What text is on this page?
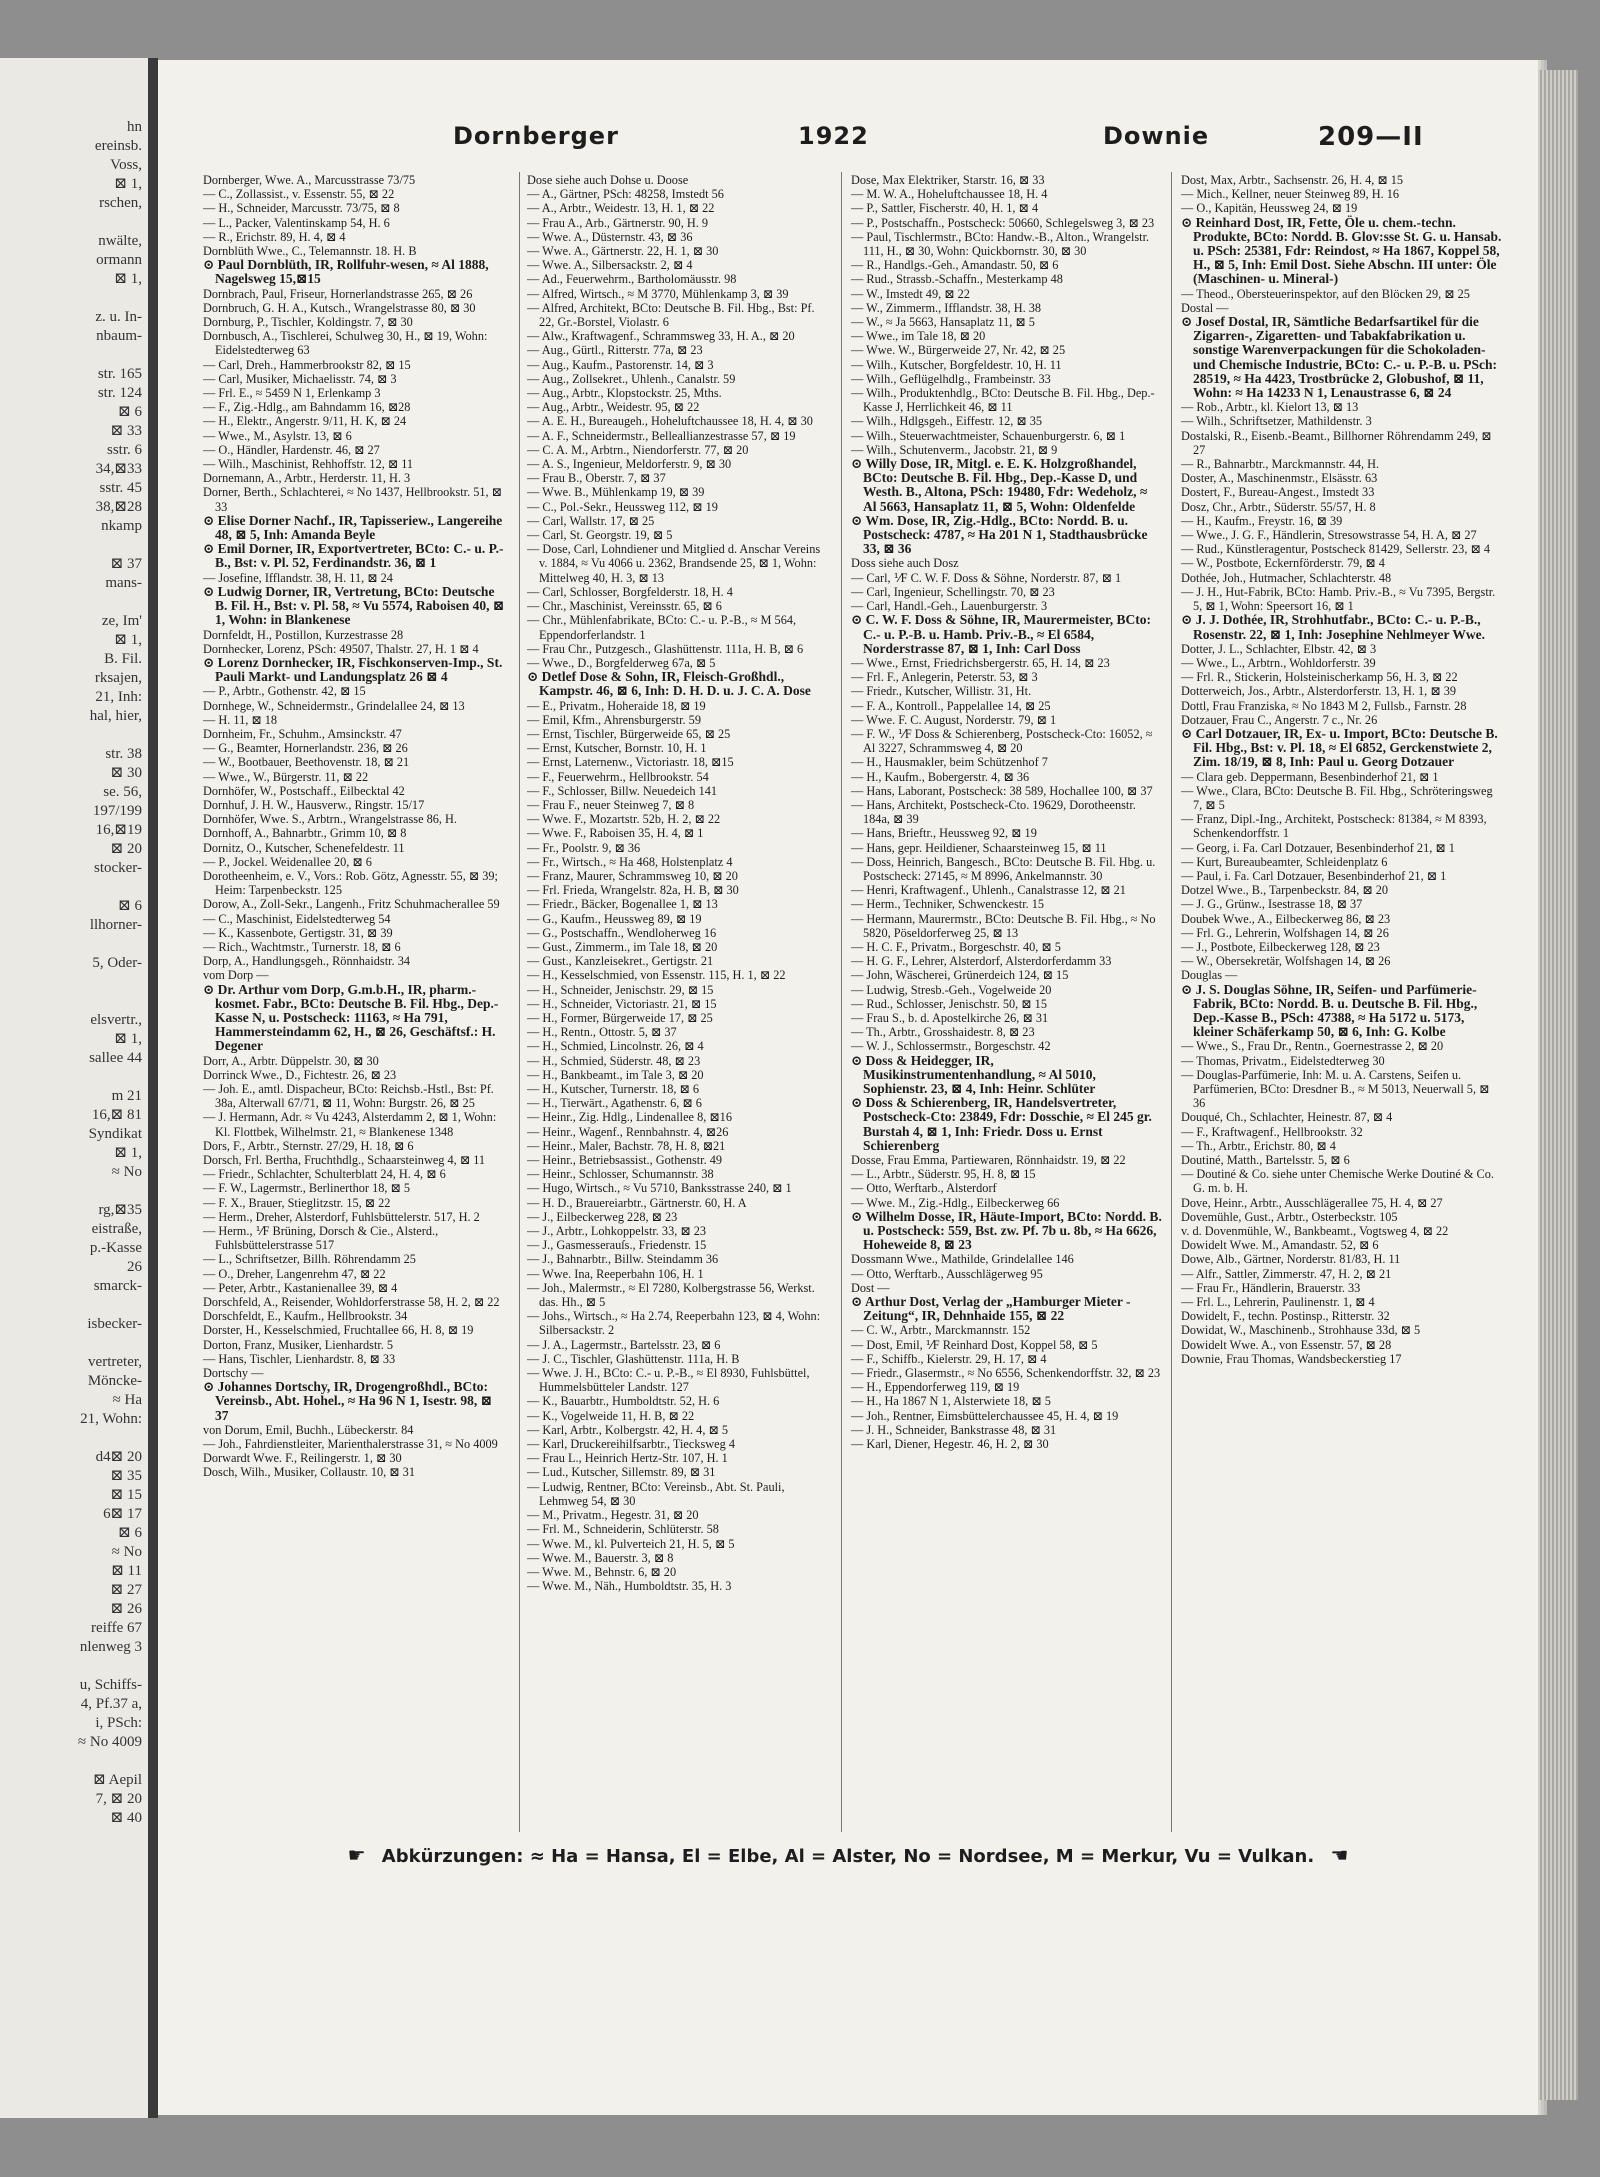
hn
ereinsb.
Voss,
⊠ 1,
rschen,
nwälte,
ormann
⊠ 1,
z. u. In-
nbaum-
str. 165
str. 124
⊠ 6
⊠ 33
sstr. 6
34,⊠33
sstr. 45
38,⊠28
nkamp
⊠ 37
mans-
ze, Im'
⊠ 1,
B. Fil.
rksajen,
21, Inh:
hal, hier,
str. 38
⊠ 30
se. 56,
197/199
16,⊠19
⊠ 20
stocker-
⊠ 6
llhorner-
5, Oder-
elsvertr.,
⊠ 1,
sallee 44
m 21
16,⊠ 81
Syndikat
⊠ 1,
≈ No
rg,⊠35
eistraße,
p.-Kasse
26
smarck-
isbecker-
vertreter,
Möncke-
≈ Ha
21, Wohn:
d4⊠ 20
⊠ 35
⊠ 15
6⊠ 17
⊠ 6
≈ No
⊠ 11
⊠ 27
⊠ 26
reiffe 67
nlenweg 3
u, Schiffs-
4, Pf.37 a,
i, PSch:
≈ No 4009
⊠ Aepil
7, ⊠ 20
⊠ 40
Dornberger	1922	Downie	209—II

Dornberger, Wwe. A., Marcusstrasse 73/75

— C., Zollassist., v. Essenstr. 55, ⊠ 22

— H., Schneider, Marcusstr. 73/75, ⊠ 8

— L., Packer, Valentinskamp 54, H. 6

— R., Erichstr. 89, H. 4, ⊠ 4

Dornblüth Wwe., C., Telemannstr. 18. H. B

⊙ Paul Dornblüth, IR, Rollfuhr-wesen, ≈ Al 1888, Nagelsweg 15,⊠15

Dornbrach, Paul, Friseur, Hornerlandstrasse 265, ⊠ 26

Dornbruch, G. H. A., Kutsch., Wrangelstrasse 80, ⊠ 30

Dornburg, P., Tischler, Koldingstr. 7, ⊠ 30

Dornbusch, A., Tischlerei, Schulweg 30, H., ⊠ 19, Wohn: Eidelstedterweg 63

— Carl, Dreh., Hammerbrookstr 82, ⊠ 15

— Carl, Musiker, Michaelisstr. 74, ⊠ 3

— Frl. E., ≈ 5459 N 1, Erlenkamp 3

— F., Zig.-Hdlg., am Bahndamm 16, ⊠28

— H., Elektr., Angerstr. 9/11, H. K, ⊠ 24

— Wwe., M., Asylstr. 13, ⊠ 6

— O., Händler, Hardenstr. 46, ⊠ 27

— Wilh., Maschinist, Rehhoffstr. 12, ⊠ 11

Dornemann, A., Arbtr., Herderstr. 11, H. 3

Dorner, Berth., Schlachterei, ≈ No 1437, Hellbrookstr. 51, ⊠ 33

⊙ Elise Dorner Nachf., IR, Tapisseriew., Langereihe 48, ⊠ 5, Inh: Amanda Beyle

⊙ Emil Dorner, IR, Exportvertreter, BCto: C.- u. P.-B., Bst: v. Pl. 52, Ferdinandstr. 36, ⊠ 1

— Josefine, Ifflandstr. 38, H. 11, ⊠ 24

⊙ Ludwig Dorner, IR, Vertretung, BCto: Deutsche B. Fil. H., Bst: v. Pl. 58, ≈ Vu 5574, Raboisen 40, ⊠ 1, Wohn: in Blankenese

Dornfeldt, H., Postillon, Kurzestrasse 28

Dornhecker, Lorenz, PSch: 49507, Thalstr. 27, H. 1 ⊠ 4

⊙ Lorenz Dornhecker, IR, Fischkonserven-Imp., St. Pauli Markt- und Landungsplatz 26 ⊠ 4

— P., Arbtr., Gothenstr. 42, ⊠ 15

Dornhege, W., Schneidermstr., Grindelallee 24, ⊠ 13

— H. 11, ⊠ 18

Dornheim, Fr., Schuhm., Amsinckstr. 47

— G., Beamter, Hornerlandstr. 236, ⊠ 26

— W., Bootbauer, Beethovenstr. 18, ⊠ 21

— Wwe., W., Bürgerstr. 11, ⊠ 22

Dornhöfer, W., Postschaff., Eilbecktal 42

Dornhuf, J. H. W., Hausverw., Ringstr. 15/17

Dornhöfer, Wwe. S., Arbtrn., Wrangelstrasse 86, H.

Dornhoff, A., Bahnarbtr., Grimm 10, ⊠ 8

Dornitz, O., Kutscher, Schenefeldestr. 11

— P., Jockel. Weidenallee 20, ⊠ 6

Dorotheenheim, e. V., Vors.: Rob. Götz, Agnesstr. 55, ⊠ 39; Heim: Tarpenbeckstr. 125

Dorow, A., Zoll-Sekr., Langenh., Fritz Schuhmacherallee 59

— C., Maschinist, Eidelstedterweg 54

— K., Kassenbote, Gertigstr. 31, ⊠ 39

— Rich., Wachtmstr., Turnerstr. 18, ⊠ 6

Dorp, A., Handlungsgeh., Rönnhaidstr. 34

vom Dorp —

⊙ Dr. Arthur vom Dorp, G.m.b.H., IR, pharm.-kosmet. Fabr., BCto: Deutsche B. Fil. Hbg., Dep.-Kasse N, u. Postscheck: 11163, ≈ Ha 791, Hammersteindamm 62, H., ⊠ 26, Geschäftsf.: H. Degener

Dorr, A., Arbtr. Düppelstr. 30, ⊠ 30

Dorrinck Wwe., D., Fichtestr. 26, ⊠ 23

— Joh. E., amtl. Dispacheur, BCto: Reichsb.-Hstl., Bst: Pf. 38a, Alterwall 67/71, ⊠ 11, Wohn: Burgstr. 26, ⊠ 25

— J. Hermann, Adr. ≈ Vu 4243, Alsterdamm 2, ⊠ 1, Wohn: Kl. Flottbek, Wilhelmstr. 21, ≈ Blankenese 1348

Dors, F., Arbtr., Sternstr. 27/29, H. 18, ⊠ 6

Dorsch, Frl. Bertha, Fruchthdlg., Schaarsteinweg 4, ⊠ 11

— Friedr., Schlachter, Schulterblatt 24, H. 4, ⊠ 6

— F. W., Lagermstr., Berlinerthor 18, ⊠ 5

— F. X., Brauer, Stieglitzstr. 15, ⊠ 22

— Herm., Dreher, Alsterdorf, Fuhlsbüttelerstr. 517, H. 2

— Herm., ⅟F Brüning, Dorsch & Cie., Alsterd., Fuhlsbüttelerstrasse 517

— L., Schriftsetzer, Billh. Röhrendamm 25

— O., Dreher, Langenrehm 47, ⊠ 22

— Peter, Arbtr., Kastanienallee 39, ⊠ 4

Dorschfeld, A., Reisender, Wohldorferstrasse 58, H. 2, ⊠ 22

Dorschfeldt, E., Kaufm., Hellbrookstr. 34

Dorster, H., Kesselschmied, Fruchtallee 66, H. 8, ⊠ 19

Dorton, Franz, Musiker, Lienhardstr. 5

— Hans, Tischler, Lienhardstr. 8, ⊠ 33

Dortschy —

⊙ Johannes Dortschy, IR, Drogengroßhdl., BCto: Vereinsb., Abt. Hohel., ≈ Ha 96 N 1, Isestr. 98, ⊠ 37

von Dorum, Emil, Buchh., Lübeckerstr. 84

— Joh., Fahrdienstleiter, Marienthalerstrasse 31, ≈ No 4009

Dorwardt Wwe. F., Reilingerstr. 1, ⊠ 30

Dosch, Wilh., Musiker, Collaustr. 10, ⊠ 31

Dose siehe auch Dohse u. Doose

— A., Gärtner, PSch: 48258, Imstedt 56

— A., Arbtr., Weidestr. 13, H. 1, ⊠ 22

— Frau A., Arb., Gärtnerstr. 90, H. 9

— Wwe. A., Düsternstr. 43, ⊠ 36

— Wwe. A., Gärtnerstr. 22, H. 1, ⊠ 30

— Wwe. A., Silbersackstr. 2, ⊠ 4

— Ad., Feuerwehrm., Bartholomäusstr. 98

— Alfred, Wirtsch., ≈ M 3770, Mühlenkamp 3, ⊠ 39

— Alfred, Architekt, BCto: Deutsche B. Fil. Hbg., Bst: Pf. 22, Gr.-Borstel, Violastr. 6

— Alw., Kraftwagenf., Schrammsweg 33, H. A., ⊠ 20

— Aug., Gürtl., Ritterstr. 77a, ⊠ 23

— Aug., Kaufm., Pastorenstr. 14, ⊠ 3

— Aug., Zollsekret., Uhlenh., Canalstr. 59

— Aug., Arbtr., Klopstockstr. 25, Mths.

— Aug., Arbtr., Weidestr. 95, ⊠ 22

— A. E. H., Bureaugeh., Hoheluftchaussee 18, H. 4, ⊠ 30

— A. F., Schneidermstr., Belleallianzestrasse 57, ⊠ 19

— C. A. M., Arbtrn., Niendorferstr. 77, ⊠ 20

— A. S., Ingenieur, Meldorferstr. 9, ⊠ 30

— Frau B., Oberstr. 7, ⊠ 37

— Wwe. B., Mühlenkamp 19, ⊠ 39

— C., Pol.-Sekr., Heussweg 112, ⊠ 19

— Carl, Wallstr. 17, ⊠ 25

— Carl, St. Georgstr. 19, ⊠ 5

— Dose, Carl, Lohndiener und Mitglied d. Anschar Vereins v. 1884, ≈ Vu 4066 u. 2362, Brandsende 25, ⊠ 1, Wohn: Mittelweg 40, H. 3, ⊠ 13

— Carl, Schlosser, Borgfelderstr. 18, H. 4

— Chr., Maschinist, Vereinsstr. 65, ⊠ 6

— Chr., Mühlenfabrikate, BCto: C.- u. P.-B., ≈ M 564, Eppendorferlandstr. 1

— Frau Chr., Putzgesch., Glashüttenstr. 111a, H. B, ⊠ 6

— Wwe., D., Borgfelderweg 67a, ⊠ 5

⊙ Detlef Dose & Sohn, IR, Fleisch-Großhdl., Kampstr. 46, ⊠ 6, Inh: D. H. D. u. J. C. A. Dose

— E., Privatm., Hoheraide 18, ⊠ 19

— Emil, Kfm., Ahrensburgerstr. 59

— Ernst, Tischler, Bürgerweide 65, ⊠ 25

— Ernst, Kutscher, Bornstr. 10, H. 1

— Ernst, Laternenw., Victoriastr. 18, ⊠15

— F., Feuerwehrm., Hellbrookstr. 54

— F., Schlosser, Billw. Neuedeich 141

— Frau F., neuer Steinweg 7, ⊠ 8

— Wwe. F., Mozartstr. 52b, H. 2, ⊠ 22

— Wwe. F., Raboisen 35, H. 4, ⊠ 1

— Fr., Poolstr. 9, ⊠ 36

— Fr., Wirtsch., ≈ Ha 468, Holstenplatz 4

— Franz, Maurer, Schrammsweg 10, ⊠ 20

— Frl. Frieda, Wrangelstr. 82a, H. B, ⊠ 30

— Friedr., Bäcker, Bogenallee 1, ⊠ 13

— G., Kaufm., Heussweg 89, ⊠ 19

— G., Postschaffn., Wendloherweg 16

— Gust., Zimmerm., im Tale 18, ⊠ 20

— Gust., Kanzleisekret., Gertigstr. 21

— H., Kesselschmied, von Essenstr. 115, H. 1, ⊠ 22

— H., Schneider, Jenischstr. 29, ⊠ 15

— H., Schneider, Victoriastr. 21, ⊠ 15

— H., Former, Bürgerweide 17, ⊠ 25

— H., Rentn., Ottostr. 5, ⊠ 37

— H., Schmied, Lincolnstr. 26, ⊠ 4

— H., Schmied, Süderstr. 48, ⊠ 23

— H., Bankbeamt., im Tale 3, ⊠ 20

— H., Kutscher, Turnerstr. 18, ⊠ 6

— H., Tierwärt., Agathenstr. 6, ⊠ 6

— Heinr., Zig. Hdlg., Lindenallee 8, ⊠16

— Heinr., Wagenf., Rennbahnstr. 4, ⊠26

— Heinr., Maler, Bachstr. 78, H. 8, ⊠21

— Heinr., Betriebsassist., Gothenstr. 49

— Heinr., Schlosser, Schumannstr. 38

— Hugo, Wirtsch., ≈ Vu 5710, Banksstrasse 240, ⊠ 1

— H. D., Brauereiarbtr., Gärtnerstr. 60, H. A

— J., Eilbeckerweg 228, ⊠ 23

— J., Arbtr., Lohkoppelstr. 33, ⊠ 23

— J., Gasmesserauſs., Friedenstr. 15

— J., Bahnarbtr., Billw. Steindamm 36

— Wwe. Ina, Reeperbahn 106, H. 1

— Joh., Malermstr., ≈ El 7280, Kolbergstrasse 56, Werkst. das. Hh., ⊠ 5

— Johs., Wirtsch., ≈ Ha 2.74, Reeperbahn 123, ⊠ 4, Wohn: Silbersackstr. 2

— J. A., Lagermstr., Bartelsstr. 23, ⊠ 6

— J. C., Tischler, Glashüttenstr. 111a, H. B

— Wwe. J. H., BCto: C.- u. P.-B., ≈ El 8930, Fuhlsbüttel, Hummelsbütteler Landstr. 127

— K., Bauarbtr., Humboldtstr. 52, H. 6

— K., Vogelweide 11, H. B, ⊠ 22

— Karl, Arbtr., Kolbergstr. 42, H. 4, ⊠ 5

— Karl, Druckereihilfsarbtr., Tiecksweg 4

— Frau L., Heinrich Hertz-Str. 107, H. 1

— Lud., Kutscher, Sillemstr. 89, ⊠ 31

— Ludwig, Rentner, BCto: Vereinsb., Abt. St. Pauli, Lehmweg 54, ⊠ 30

— M., Privatm., Hegestr. 31, ⊠ 20

— Frl. M., Schneiderin, Schlüterstr. 58

— Wwe. M., kl. Pulverteich 21, H. 5, ⊠ 5

— Wwe. M., Bauerstr. 3, ⊠ 8

— Wwe. M., Behnstr. 6, ⊠ 20

— Wwe. M., Näh., Humboldtstr. 35, H. 3

Dose, Max Elektriker, Starstr. 16, ⊠ 33

— M. W. A., Hoheluftchaussee 18, H. 4

— P., Sattler, Fischerstr. 40, H. 1, ⊠ 4

— P., Postschaffn., Postscheck: 50660, Schlegelsweg 3, ⊠ 23

— Paul, Tischlermstr., BCto: Handw.-B., Alton., Wrangelstr. 111, H., ⊠ 30, Wohn: Quickbornstr. 30, ⊠ 30

— R., Handlgs.-Geh., Amandastr. 50, ⊠ 6

— Rud., Strassb.-Schaffn., Mesterkamp 48

— W., Imstedt 49, ⊠ 22

— W., Zimmerm., Ifflandstr. 38, H. 38

— W., ≈ Ja 5663, Hansaplatz 11, ⊠ 5

— Wwe., im Tale 18, ⊠ 20

— Wwe. W., Bürgerweide 27, Nr. 42, ⊠ 25

— Wilh., Kutscher, Borgfeldestr. 10, H. 11

— Wilh., Geflügelhdlg., Frambeinstr. 33

— Wilh., Produktenhdlg., BCto: Deutsche B. Fil. Hbg., Dep.-Kasse J, Herrlichkeit 46, ⊠ 11

— Wilh., Hdlgsgeh., Eiffestr. 12, ⊠ 35

— Wilh., Steuerwachtmeister, Schauenburgerstr. 6, ⊠ 1

— Wilh., Schutenverm., Jacobstr. 21, ⊠ 9

⊙ Willy Dose, IR, Mitgl. e. E. K. Holzgroßhandel, BCto: Deutsche B. Fil. Hbg., Dep.-Kasse D, und Westh. B., Altona, PSch: 19480, Fdr: Wedeholz, ≈ Al 5663, Hansaplatz 11, ⊠ 5, Wohn: Oldenfelde

⊙ Wm. Dose, IR, Zig.-Hdlg., BCto: Nordd. B. u. Postscheck: 4787, ≈ Ha 201 N 1, Stadthausbrücke 33, ⊠ 36

Doss siehe auch Dosz

— Carl, ⅟F C. W. F. Doss & Söhne, Norderstr. 87, ⊠ 1

— Carl, Ingenieur, Schellingstr. 70, ⊠ 23

— Carl, Handl.-Geh., Lauenburgerstr. 3

⊙ C. W. F. Doss & Söhne, IR, Maurermeister, BCto: C.- u. P.-B. u. Hamb. Priv.-B., ≈ El 6584, Norderstrasse 87, ⊠ 1, Inh: Carl Doss

— Wwe., Ernst, Friedrichsbergerstr. 65, H. 14, ⊠ 23

— Frl. F., Anlegerin, Peterstr. 53, ⊠ 3

— Friedr., Kutscher, Willistr. 31, Ht.

— F. A., Kontroll., Pappelallee 14, ⊠ 25

— Wwe. F. C. August, Norderstr. 79, ⊠ 1

— F. W., ⅟F Doss & Schierenberg, Postscheck-Cto: 16052, ≈ Al 3227, Schrammsweg 4, ⊠ 20

— H., Hausmakler, beim Schützenhof 7

— H., Kaufm., Bobergerstr. 4, ⊠ 36

— Hans, Laborant, Postscheck: 38 589, Hochallee 100, ⊠ 37

— Hans, Architekt, Postscheck-Cto. 19629, Dorotheenstr. 184a, ⊠ 39

— Hans, Brieftr., Heussweg 92, ⊠ 19

— Hans, gepr. Heildiener, Schaarsteinweg 15, ⊠ 11

— Doss, Heinrich, Bangesch., BCto: Deutsche B. Fil. Hbg. u. Postscheck: 27145, ≈ M 8996, Ankelmannstr. 30

— Henri, Kraftwagenf., Uhlenh., Canalstrasse 12, ⊠ 21

— Herm., Techniker, Schwenckestr. 15

— Hermann, Maurermstr., BCto: Deutsche B. Fil. Hbg., ≈ No 5820, Pöseldorferweg 25, ⊠ 13

— H. C. F., Privatm., Borgeschstr. 40, ⊠ 5

— H. G. F., Lehrer, Alsterdorf, Alsterdorferdamm 33

— John, Wäscherei, Grünerdeich 124, ⊠ 15

— Ludwig, Stresb.-Geh., Vogelweide 20

— Rud., Schlosser, Jenischstr. 50, ⊠ 15

— Frau S., b. d. Apostelkirche 26, ⊠ 31

— Th., Arbtr., Grosshaidestr. 8, ⊠ 23

— W. J., Schlossermstr., Borgeschstr. 42

⊙ Doss & Heidegger, IR, Musikinstrumentenhandlung, ≈ Al 5010, Sophienstr. 23, ⊠ 4, Inh: Heinr. Schlüter

⊙ Doss & Schierenberg, IR, Handelsvertreter, Postscheck-Cto: 23849, Fdr: Dosschie, ≈ El 245 gr. Burstah 4, ⊠ 1, Inh: Friedr. Doss u. Ernst Schierenberg

Dosse, Frau Emma, Partiewaren, Rönnhaidstr. 19, ⊠ 22

— L., Arbtr., Süderstr. 95, H. 8, ⊠ 15

— Otto, Werftarb., Alsterdorf

— Wwe. M., Zig.-Hdlg., Eilbeckerweg 66

⊙ Wilhelm Dosse, IR, Häute-Import, BCto: Nordd. B. u. Postscheck: 559, Bst. zw. Pf. 7b u. 8b, ≈ Ha 6626, Hoheweide 8, ⊠ 23

Dossmann Wwe., Mathilde, Grindelallee 146

— Otto, Werftarb., Ausschlägerweg 95

Dost —

⊙ Arthur Dost, Verlag der „Hamburger Mieter - Zeitung“, IR, Dehnhaide 155, ⊠ 22

— C. W., Arbtr., Marckmannstr. 152

— Dost, Emil, ⅟F Reinhard Dost, Koppel 58, ⊠ 5

— F., Schiffb., Kielerstr. 29, H. 17, ⊠ 4

— Friedr., Glasermstr., ≈ No 6556, Schenkendorffstr. 32, ⊠ 23

— H., Eppendorferweg 119, ⊠ 19

— H., Ha 1867 N 1, Alsterwiete 18, ⊠ 5

— Joh., Rentner, Eimsbüttelerchaussee 45, H. 4, ⊠ 19

— J. H., Schneider, Bankstrasse 48, ⊠ 31

— Karl, Diener, Hegestr. 46, H. 2, ⊠ 30

Dost, Max, Arbtr., Sachsenstr. 26, H. 4, ⊠ 15

— Mich., Kellner, neuer Steinweg 89, H. 16

— O., Kapitän, Heussweg 24, ⊠ 19

⊙ Reinhard Dost, IR, Fette, Öle u. chem.-techn. Produkte, BCto: Nordd. B. Glov:sse St. G. u. Hansab. u. PSch: 25381, Fdr: Reindost, ≈ Ha 1867, Koppel 58, H., ⊠ 5, Inh: Emil Dost. Siehe Abschn. III unter: Öle (Maschinen- u. Mineral-)

— Theod., Obersteuerinspektor, auf den Blöcken 29, ⊠ 25

Dostal —

⊙ Josef Dostal, IR, Sämtliche Bedarfsartikel für die Zigarren-, Zigaretten- und Tabakfabrikation u. sonstige Warenverpackungen für die Schokoladen- und Chemische Industrie, BCto: C.- u. P.-B. u. PSch: 28519, ≈ Ha 4423, Trostbrücke 2, Globushof, ⊠ 11, Wohn: ≈ Ha 14233 N 1, Lenaustrasse 6, ⊠ 24

— Rob., Arbtr., kl. Kielort 13, ⊠ 13

— Wilh., Schriftsetzer, Mathildenstr. 3

Dostalski, R., Eisenb.-Beamt., Billhorner Röhrendamm 249, ⊠ 27

— R., Bahnarbtr., Marckmannstr. 44, H.

Doster, A., Maschinenmstr., Elsässtr. 63

Dostert, F., Bureau-Angest., Imstedt 33

Dosz, Chr., Arbtr., Süderstr. 55/57, H. 8

— H., Kaufm., Freystr. 16, ⊠ 39

— Wwe., J. G. F., Händlerin, Stresowstrasse 54, H. A, ⊠ 27

— Rud., Künstleragentur, Postscheck 81429, Sellerstr. 23, ⊠ 4

— W., Postbote, Eckernförderstr. 79, ⊠ 4

Dothée, Joh., Hutmacher, Schlachterstr. 48

— J. H., Hut-Fabrik, BCto: Hamb. Priv.-B., ≈ Vu 7395, Bergstr. 5, ⊠ 1, Wohn: Speersort 16, ⊠ 1

⊙ J. J. Dothée, IR, Strohhutfabr., BCto: C.- u. P.-B., Rosenstr. 22, ⊠ 1, Inh: Josephine Nehlmeyer Wwe.

Dotter, J. L., Schlachter, Elbstr. 42, ⊠ 3

— Wwe., L., Arbtrn., Wohldorferstr. 39

— Frl. R., Stickerin, Holsteinischerkamp 56, H. 3, ⊠ 22

Dotterweich, Jos., Arbtr., Alsterdorferstr. 13, H. 1, ⊠ 39

Dottl, Frau Franziska, ≈ No 1843 M 2, Fullsb., Farnstr. 28

Dotzauer, Frau C., Angerstr. 7 c., Nr. 26

⊙ Carl Dotzauer, IR, Ex- u. Import, BCto: Deutsche B. Fil. Hbg., Bst: v. Pl. 18, ≈ El 6852, Gerckenstwiete 2, Zim. 18/19, ⊠ 8, Inh: Paul u. Georg Dotzauer

— Clara geb. Deppermann, Besenbinderhof 21, ⊠ 1

— Wwe., Clara, BCto: Deutsche B. Fil. Hbg., Schröteringsweg 7, ⊠ 5

— Franz, Dipl.-Ing., Architekt, Postscheck: 81384, ≈ M 8393, Schenkendorffstr. 1

— Georg, i. Fa. Carl Dotzauer, Besenbinderhof 21, ⊠ 1

— Kurt, Bureaubeamter, Schleidenplatz 6

— Paul, i. Fa. Carl Dotzauer, Besenbinderhof 21, ⊠ 1

Dotzel Wwe., B., Tarpenbeckstr. 84, ⊠ 20

— J. G., Grünw., Isestrasse 18, ⊠ 37

Doubek Wwe., A., Eilbeckerweg 86, ⊠ 23

— Frl. G., Lehrerin, Wolfshagen 14, ⊠ 26

— J., Postbote, Eilbeckerweg 128, ⊠ 23

— W., Obersekretär, Wolfshagen 14, ⊠ 26

Douglas —

⊙ J. S. Douglas Söhne, IR, Seifen- und Parfümerie-Fabrik, BCto: Nordd. B. u. Deutsche B. Fil. Hbg., Dep.-Kasse B., PSch: 47388, ≈ Ha 5172 u. 5173, kleiner Schäferkamp 50, ⊠ 6, Inh: G. Kolbe

— Wwe., S., Frau Dr., Rentn., Goernestrasse 2, ⊠ 20

— Thomas, Privatm., Eidelstedterweg 30

— Douglas-Parfümerie, Inh: M. u. A. Carstens, Seifen u. Parfümerien, BCto: Dresdner B., ≈ M 5013, Neuerwall 5, ⊠ 36

Douqué, Ch., Schlachter, Heinestr. 87, ⊠ 4

— F., Kraftwagenf., Hellbrookstr. 32

— Th., Arbtr., Erichstr. 80, ⊠ 4

Doutiné, Matth., Bartelsstr. 5, ⊠ 6

— Doutiné & Co. siehe unter Chemische Werke Doutiné & Co. G. m. b. H.

Dove, Heinr., Arbtr., Ausschlägerallee 75, H. 4, ⊠ 27

Dovemühle, Gust., Arbtr., Osterbeckstr. 105

v. d. Dovenmühle, W., Bankbeamt., Vogtsweg 4, ⊠ 22

Dowidelt Wwe. M., Amandastr. 52, ⊠ 6

Dowe, Alb., Gärtner, Norderstr. 81/83, H. 11

— Alfr., Sattler, Zimmerstr. 47, H. 2, ⊠ 21

— Frau Fr., Händlerin, Brauerstr. 33

— Frl. L., Lehrerin, Paulinenstr. 1, ⊠ 4

Dowidelt, F., techn. Postinsp., Ritterstr. 32

Dowidat, W., Maschinenb., Strohhause 33d, ⊠ 5

Dowidelt Wwe. A., von Essenstr. 57, ⊠ 28

Downie, Frau Thomas, Wandsbeckerstieg 17

☛ Abkürzungen: ≈ Ha = Hansa, El = Elbe, Al = Alster, No = Nordsee, M = Merkur, Vu = Vulkan. ☚
